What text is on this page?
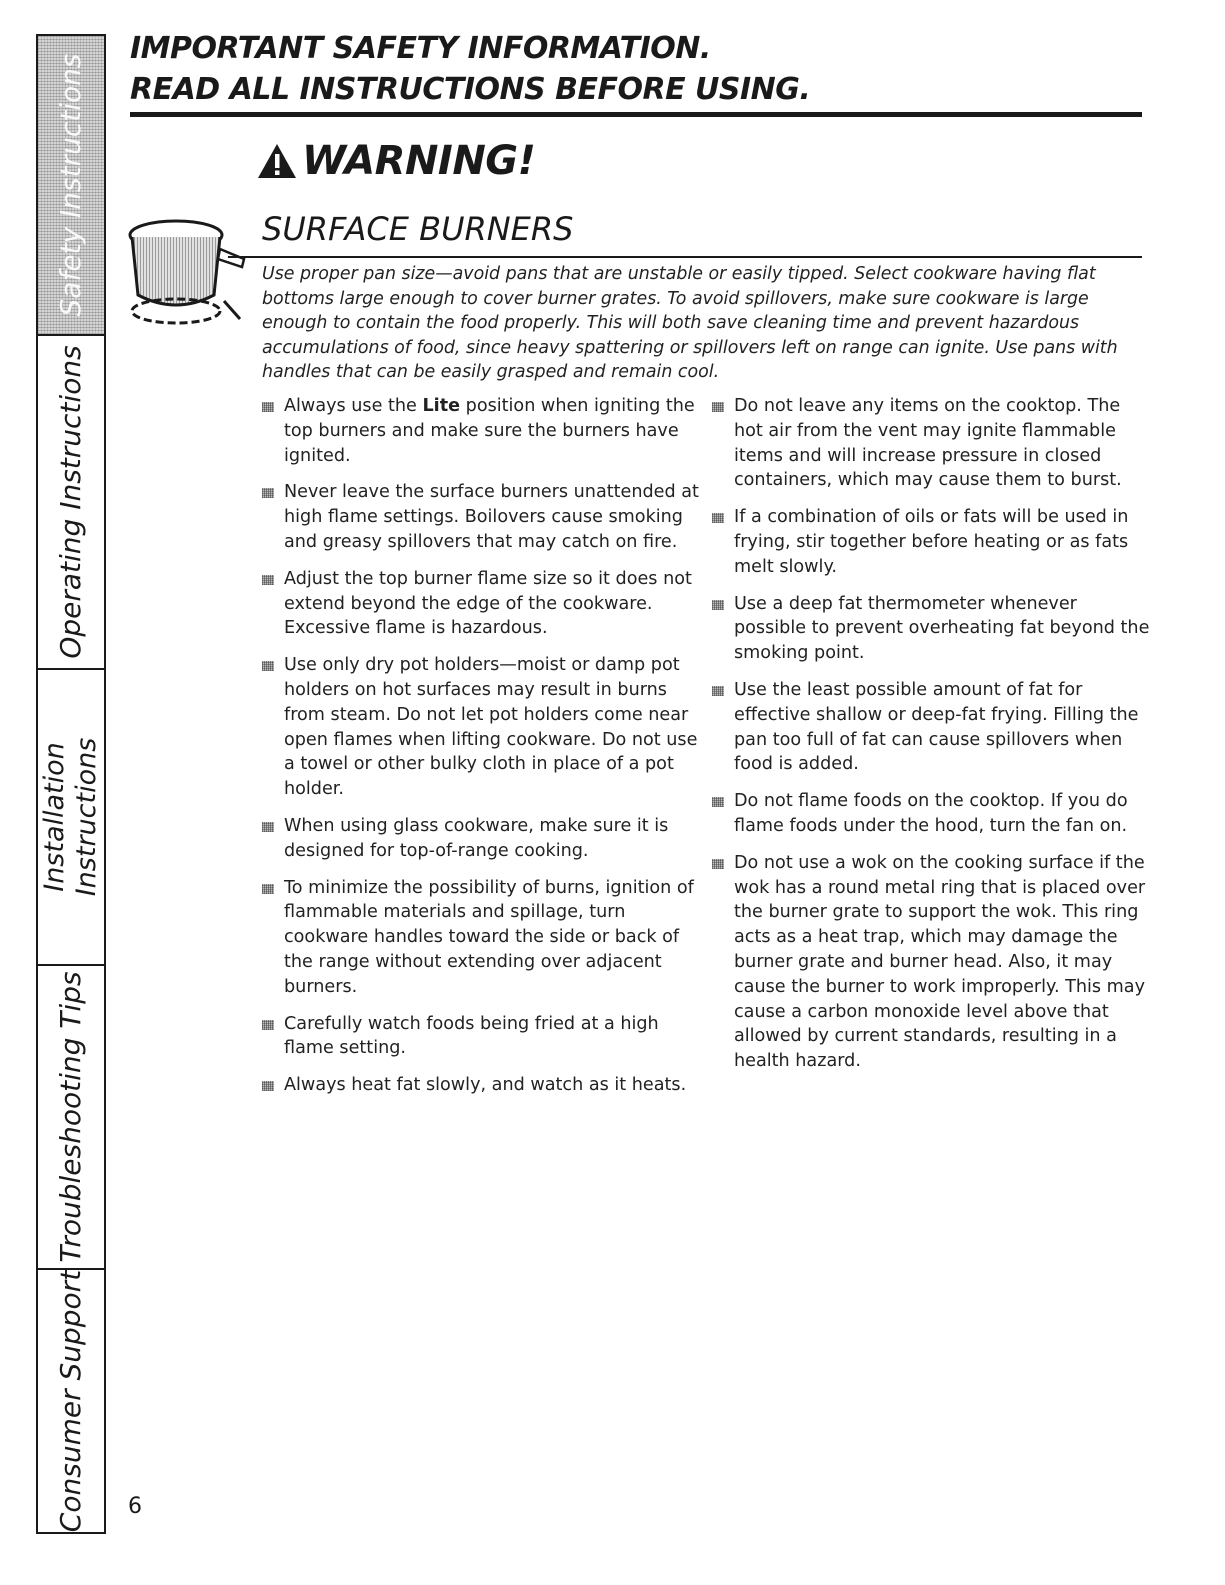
Safety Instructions
Operating Instructions
Installation Instructions
Troubleshooting Tips
Consumer Support
IMPORTANT SAFETY INFORMATION.
READ ALL INSTRUCTIONS BEFORE USING.
WARNING!
SURFACE BURNERS

Use proper pan size—avoid pans that are unstable or easily tipped. Select cookware having flat bottoms large enough to cover burner grates. To avoid spillovers, make sure cookware is large enough to contain the food properly. This will both save cleaning time and prevent hazardous accumulations of food, since heavy spattering or spillovers left on range can ignite. Use pans with handles that can be easily grasped and remain cool.

Always use the Lite position when igniting the top burners and make sure the burners have ignited.
Never leave the surface burners unattended at high flame settings. Boilovers cause smoking and greasy spillovers that may catch on fire.
Adjust the top burner flame size so it does not extend beyond the edge of the cookware. Excessive flame is hazardous.
Use only dry pot holders—moist or damp pot holders on hot surfaces may result in burns from steam. Do not let pot holders come near open flames when lifting cookware. Do not use a towel or other bulky cloth in place of a pot holder.
When using glass cookware, make sure it is designed for top-of-range cooking.
To minimize the possibility of burns, ignition of flammable materials and spillage, turn cookware handles toward the side or back of the range without extending over adjacent burners.
Carefully watch foods being fried at a high flame setting.
Always heat fat slowly, and watch as it heats.
Do not leave any items on the cooktop. The hot air from the vent may ignite flammable items and will increase pressure in closed containers, which may cause them to burst.
If a combination of oils or fats will be used in frying, stir together before heating or as fats melt slowly.
Use a deep fat thermometer whenever possible to prevent overheating fat beyond the smoking point.
Use the least possible amount of fat for effective shallow or deep-fat frying. Filling the pan too full of fat can cause spillovers when food is added.
Do not flame foods on the cooktop. If you do flame foods under the hood, turn the fan on.
Do not use a wok on the cooking surface if the wok has a round metal ring that is placed over the burner grate to support the wok. This ring acts as a heat trap, which may damage the burner grate and burner head. Also, it may cause the burner to work improperly. This may cause a carbon monoxide level above that allowed by current standards, resulting in a health hazard.

6
